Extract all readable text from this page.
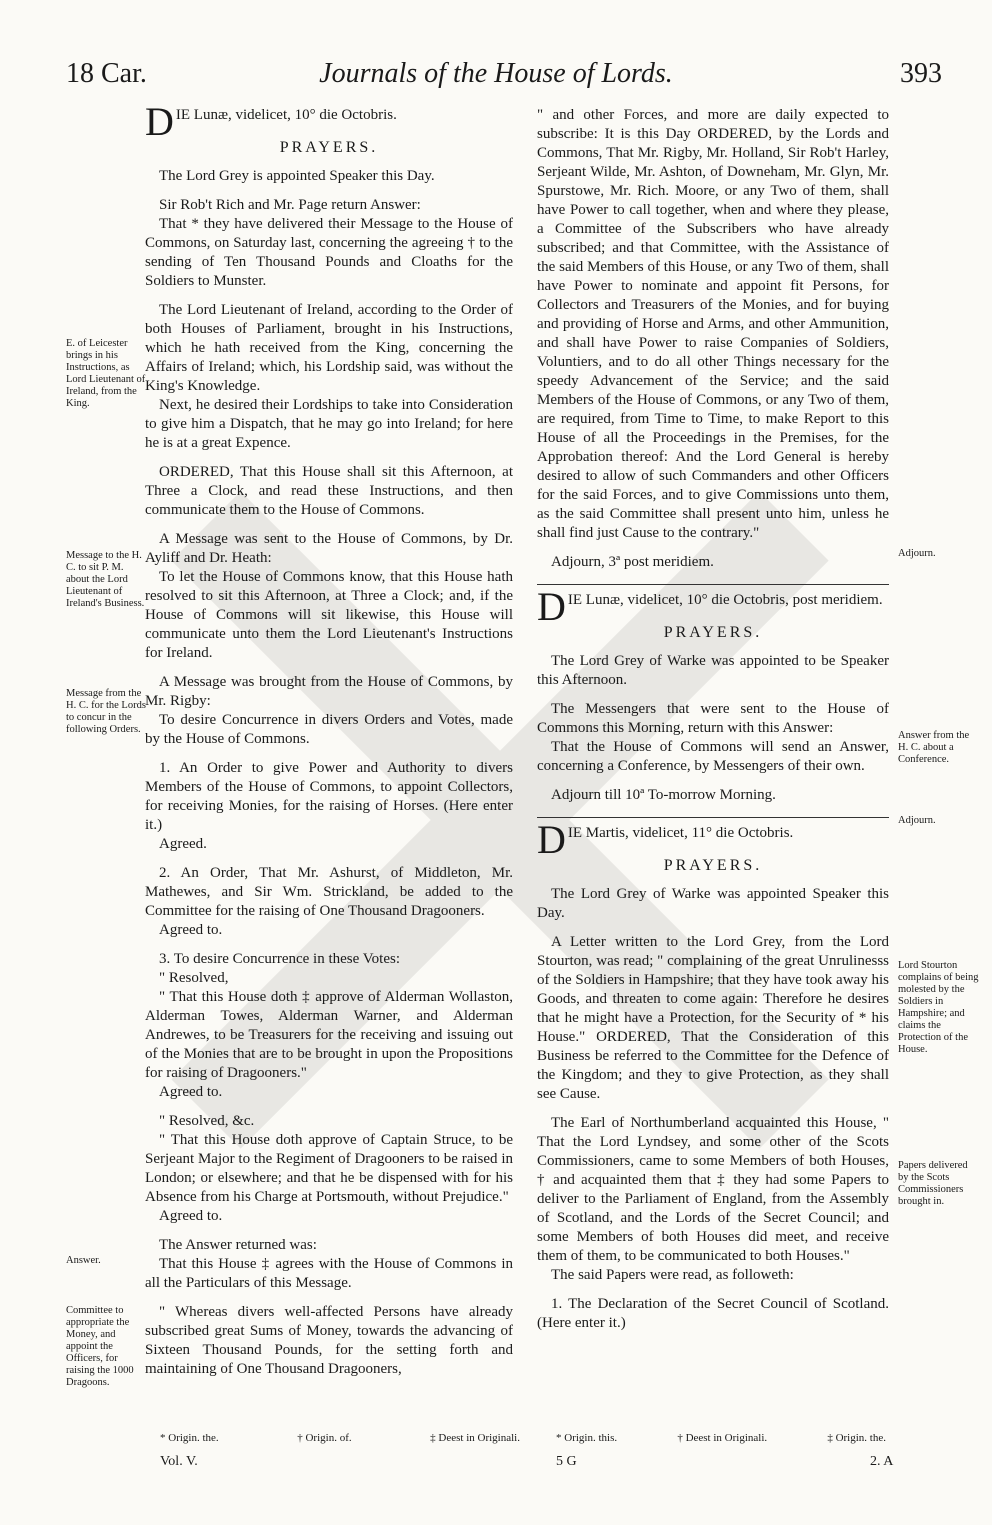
18 Car.	Journals of the House of Lords.	393
E. of Leicester brings in his Instructions, as Lord Lieutenant of Ireland, from the King.
Message to the H. C. to sit P. M. about the Lord Lieutenant of Ireland's Business.
Message from the H. C. for the Lords to concur in the following Orders.
Answer.
Committee to appropriate the Money, and appoint the Officers, for raising the 1000 Dragoons.
Adjourn.
Answer from the H. C. about a Conference.
Adjourn.
Lord Stourton complains of being molested by the Soldiers in Hampshire; and claims the Protection of the House.
Papers delivered by the Scots Commissioners brought in.
D IE Lunæ, videlicet, 10° die Octobris.
PRAYERS.

The Lord Grey is appointed Speaker this Day.

Sir Rob't Rich and Mr. Page return Answer:

That * they have delivered their Message to the House of Commons, on Saturday last, concerning the agreeing † to the sending of Ten Thousand Pounds and Cloaths for the Soldiers to Munster.

The Lord Lieutenant of Ireland, according to the Order of both Houses of Parliament, brought in his Instructions, which he hath received from the King, concerning the Affairs of Ireland; which, his Lordship said, was without the King's Knowledge.

Next, he desired their Lordships to take into Consideration to give him a Dispatch, that he may go into Ireland; for here he is at a great Expence.

ORDERED, That this House shall sit this Afternoon, at Three a Clock, and read these Instructions, and then communicate them to the House of Commons.

A Message was sent to the House of Commons, by Dr. Ayliff and Dr. Heath:

To let the House of Commons know, that this House hath resolved to sit this Afternoon, at Three a Clock; and, if the House of Commons will sit likewise, this House will communicate unto them the Lord Lieutenant's Instructions for Ireland.

A Message was brought from the House of Commons, by Mr. Rigby:

To desire Concurrence in divers Orders and Votes, made by the House of Commons.

1. An Order to give Power and Authority to divers Members of the House of Commons, to appoint Collectors, for receiving Monies, for the raising of Horses. (Here enter it.)

Agreed.

2. An Order, That Mr. Ashurst, of Middleton, Mr. Mathewes, and Sir Wm. Strickland, be added to the Committee for the raising of One Thousand Dragooners.

Agreed to.

3. To desire Concurrence in these Votes:

" Resolved,

" That this House doth ‡ approve of Alderman Wollaston, Alderman Towes, Alderman Warner, and Alderman Andrewes, to be Treasurers for the receiving and issuing out of the Monies that are to be brought in upon the Propositions for raising of Dragooners."

Agreed to.

" Resolved, &c.

" That this House doth approve of Captain Struce, to be Serjeant Major to the Regiment of Dragooners to be raised in London; or elsewhere; and that he be dispensed with for his Absence from his Charge at Portsmouth, without Prejudice."

Agreed to.

The Answer returned was:

That this House ‡ agrees with the House of Commons in all the Particulars of this Message.

" Whereas divers well-affected Persons have already subscribed great Sums of Money, towards the advancing of Sixteen Thousand Pounds, for the setting forth and maintaining of One Thousand Dragooners,

" and other Forces, and more are daily expected to subscribe: It is this Day ORDERED, by the Lords and Commons, That Mr. Rigby, Mr. Holland, Sir Rob't Harley, Serjeant Wilde, Mr. Ashton, of Downeham, Mr. Glyn, Mr. Spurstowe, Mr. Rich. Moore, or any Two of them, shall have Power to call together, when and where they please, a Committee of the Subscribers who have already subscribed; and that Committee, with the Assistance of the said Members of this House, or any Two of them, shall have Power to nominate and appoint fit Persons, for Collectors and Treasurers of the Monies, and for buying and providing of Horse and Arms, and other Ammunition, and shall have Power to raise Companies of Soldiers, Voluntiers, and to do all other Things necessary for the speedy Advancement of the Service; and the said Members of the House of Commons, or any Two of them, are required, from Time to Time, to make Report to this House of all the Proceedings in the Premises, for the Approbation thereof: And the Lord General is hereby desired to allow of such Commanders and other Officers for the said Forces, and to give Commissions unto them, as the said Committee shall present unto him, unless he shall find just Cause to the contrary."

Adjourn, 3ª post meridiem.

D IE Lunæ, videlicet, 10° die Octobris, post meridiem.
PRAYERS.

The Lord Grey of Warke was appointed to be Speaker this Afternoon.

The Messengers that were sent to the House of Commons this Morning, return with this Answer:

That the House of Commons will send an Answer, concerning a Conference, by Messengers of their own.

Adjourn till 10ª To-morrow Morning.

D IE Martis, videlicet, 11° die Octobris.
PRAYERS.

The Lord Grey of Warke was appointed Speaker this Day.

A Letter written to the Lord Grey, from the Lord Stourton, was read; " complaining of the great Unrulinesss of the Soldiers in Hampshire; that they have took away his Goods, and threaten to come again: Therefore he desires that he might have a Protection, for the Security of * his House." ORDERED, That the Consideration of this Business be referred to the Committee for the Defence of the Kingdom; and they to give Protection, as they shall see Cause.

The Earl of Northumberland acquainted this House, " That the Lord Lyndsey, and some other of the Scots Commissioners, came to some Members of both Houses, † and acquainted them that ‡ they had some Papers to deliver to the Parliament of England, from the Assembly of Scotland, and the Lords of the Secret Council; and some Members of both Houses did meet, and receive them of them, to be communicated to both Houses."

The said Papers were read, as followeth:

1. The Declaration of the Secret Council of Scotland. (Here enter it.)

* Origin. the.	† Origin. of.	‡ Deest in Originali.	* Origin. this.	† Deest in Originali.	‡ Origin. the.
Vol. V.	5 G	2. A
